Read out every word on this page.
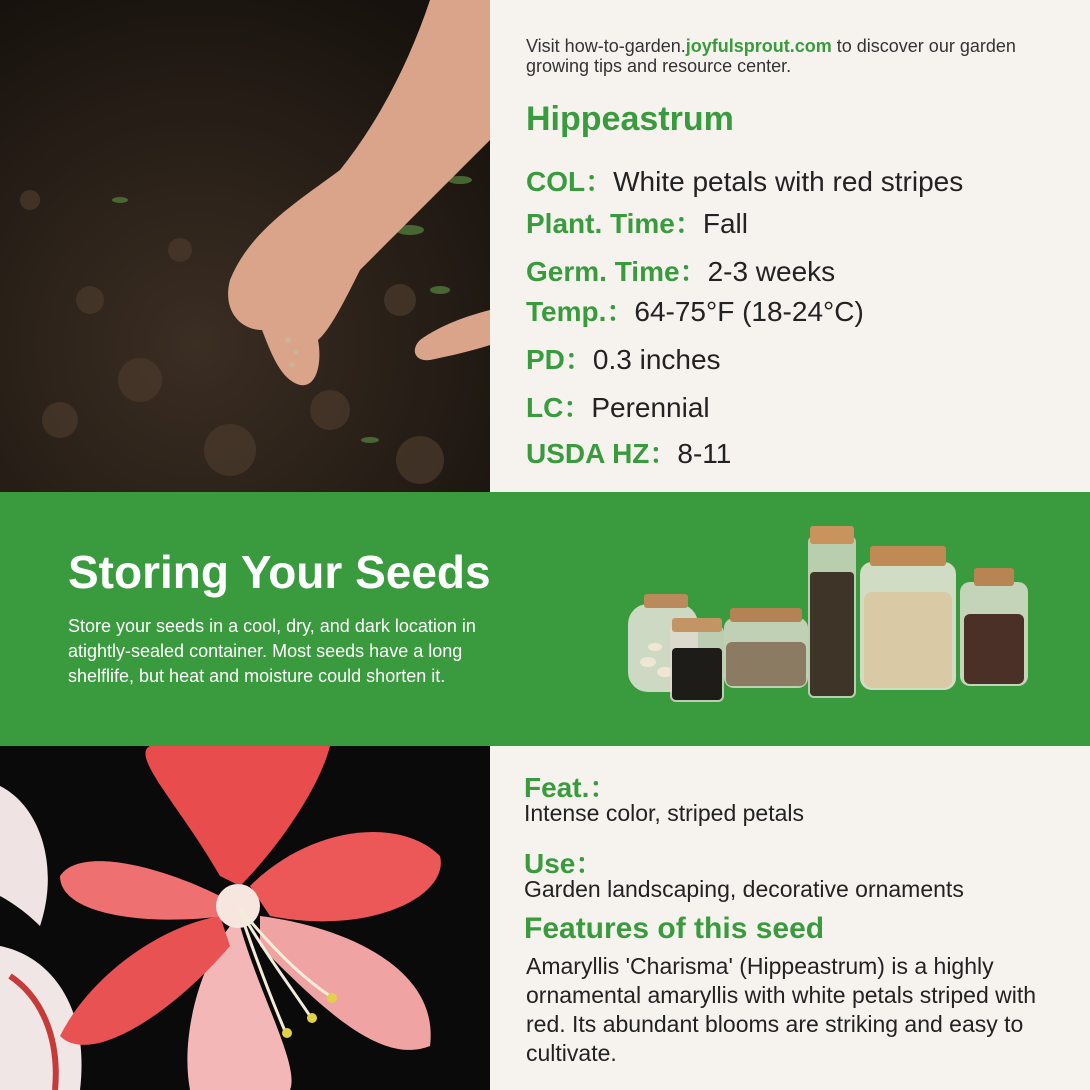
Visit how-to-garden.joyfulsprout.com to discover our garden growing tips and resource center.
Hippeastrum
COL：White petals with red stripes
Plant. Time：Fall
Germ. Time：2-3 weeks
Temp.：64-75°F (18-24°C)
PD：0.3 inches
LC：Perennial
USDA HZ：8-11
Storing Your Seeds
Store your seeds in a cool, dry, and dark location in atightly-sealed container. Most seeds have a long shelflife, but heat and moisture could shorten it.
Feat.：
Intense color, striped petals
Use：
Garden landscaping, decorative ornaments
Features of this seed
Amaryllis 'Charisma' (Hippeastrum) is a highly ornamental amaryllis with white petals striped with red. Its abundant blooms are striking and easy to cultivate.
